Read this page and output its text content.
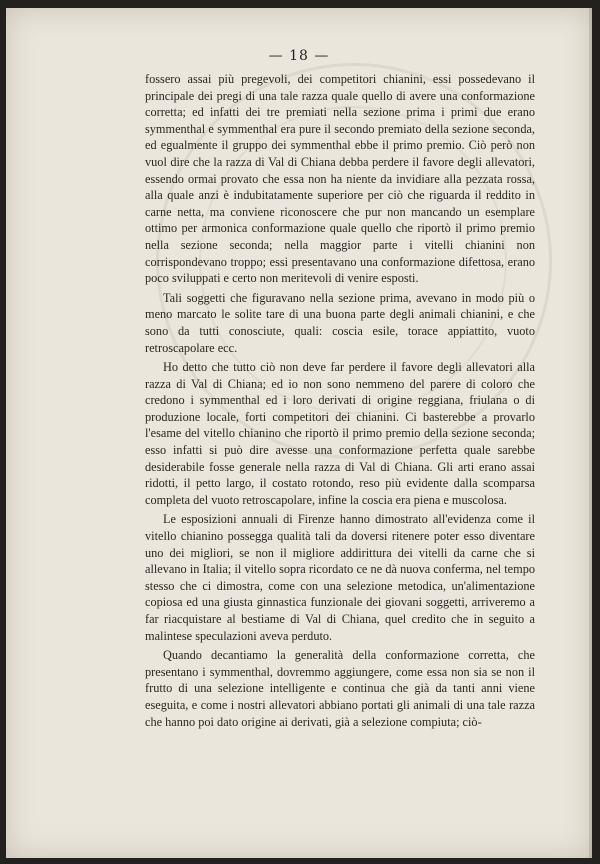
— 18 —

fossero assai più pregevoli, dei competitori chianini, essi possedevano il principale dei pregi di una tale razza quale quello di avere una conformazione corretta; ed infatti dei tre premiati nella sezione prima i primi due erano symmenthal e symmenthal era pure il secondo premiato della sezione seconda, ed egualmente il gruppo dei symmenthal ebbe il primo premio. Ciò però non vuol dire che la razza di Val di Chiana debba perdere il favore degli allevatori, essendo ormai provato che essa non ha niente da invidiare alla pezzata rossa, alla quale anzi è indubitatamente superiore per ciò che riguarda il reddito in carne netta, ma conviene riconoscere che pur non mancando un esemplare ottimo per armonica conformazione quale quello che riportò il primo premio nella sezione seconda; nella maggior parte i vitelli chianini non corrispondevano troppo; essi presentavano una conformazione difettosa, erano poco sviluppati e certo non meritevoli di venire esposti.

Tali soggetti che figuravano nella sezione prima, avevano in modo più o meno marcato le solite tare di una buona parte degli animali chianini, e che sono da tutti conosciute, quali: coscia esile, torace appiattito, vuoto retroscapolare ecc.

Ho detto che tutto ciò non deve far perdere il favore degli allevatori alla razza di Val di Chiana; ed io non sono nemmeno del parere di coloro che credono i symmenthal ed i loro derivati di origine reggiana, friulana o di produzione locale, forti competitori dei chianini. Ci basterebbe a provarlo l'esame del vitello chianino che riportò il primo premio della sezione seconda; esso infatti si può dire avesse una conformazione perfetta quale sarebbe desiderabile fosse generale nella razza di Val di Chiana. Gli arti erano assai ridotti, il petto largo, il costato rotondo, reso più evidente dalla scomparsa completa del vuoto retroscapolare, infine la coscia era piena e muscolosa.

Le esposizioni annuali di Firenze hanno dimostrato all'evidenza come il vitello chianino possegga qualità tali da doversi ritenere poter esso diventare uno dei migliori, se non il migliore addirittura dei vitelli da carne che si allevano in Italia; il vitello sopra ricordato ce ne dà nuova conferma, nel tempo stesso che ci dimostra, come con una selezione metodica, un'alimentazione copiosa ed una giusta ginnastica funzionale dei giovani soggetti, arriveremo a far riacquistare al bestiame di Val di Chiana, quel credito che in seguito a malintese speculazioni aveva perduto.

Quando decantiamo la generalità della conformazione corretta, che presentano i symmenthal, dovremmo aggiungere, come essa non sia se non il frutto di una selezione intelligente e continua che già da tanti anni viene eseguita, e come i nostri allevatori abbiano portati gli animali di una tale razza che hanno poi dato origine ai derivati, già a selezione compiuta; ciò-
